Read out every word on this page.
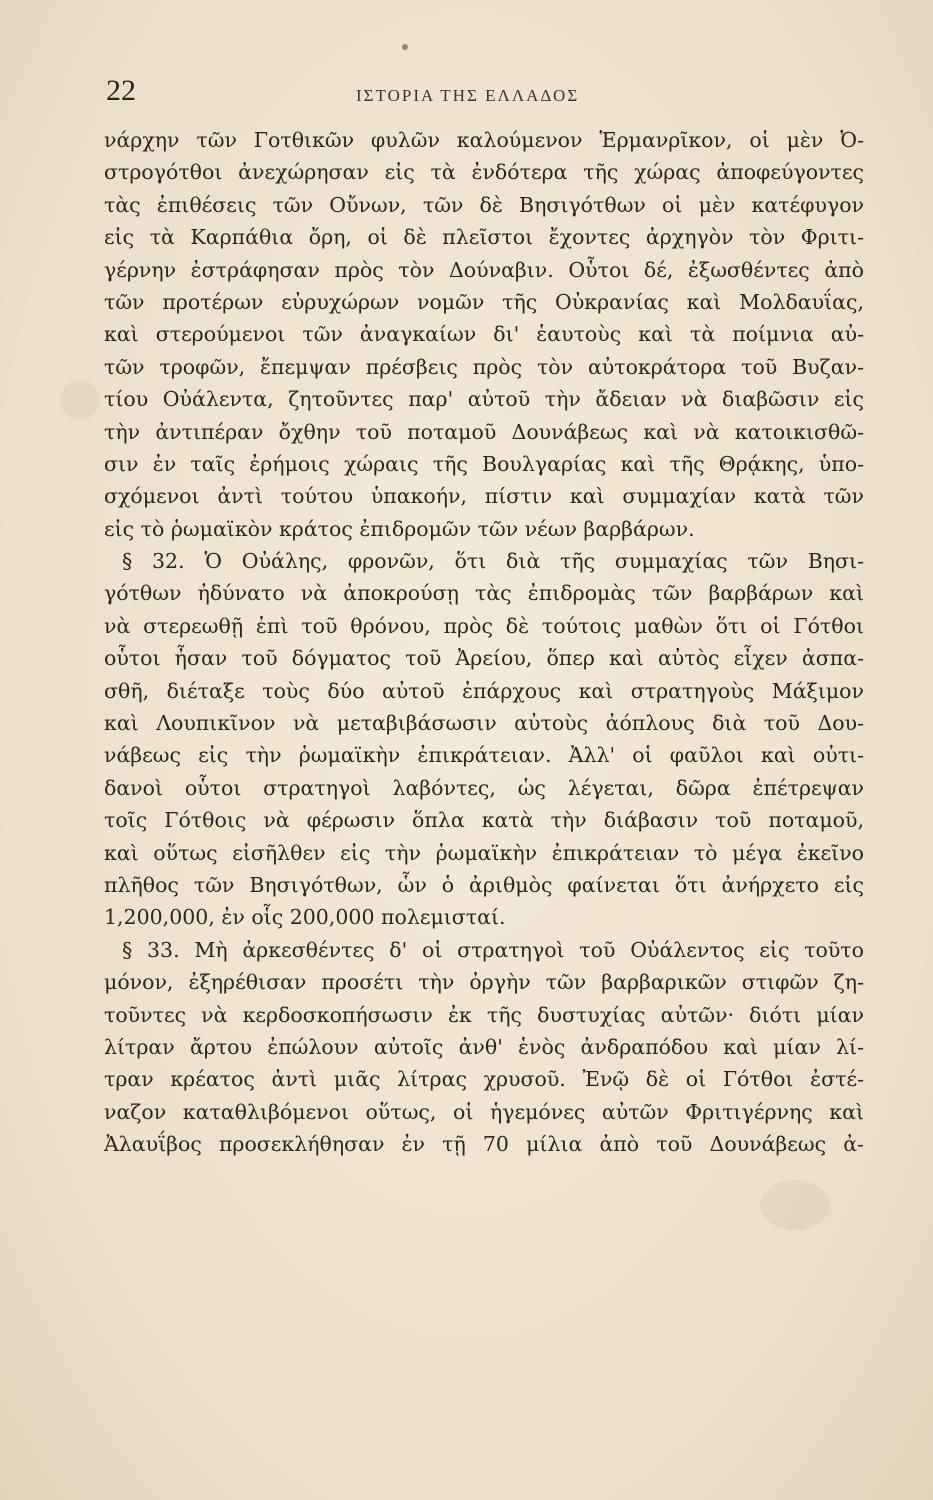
22	ΙΣΤΟΡΙΑ ΤΗΣ ΕΛΛΑΔΟΣ
νάρχην τῶν Γοτθικῶν φυλῶν καλούμενον Ἑρμανρῖκον, οἱ μὲν Ὀ-
στρογότθοι ἀνεχώρησαν εἰς τὰ ἐνδότερα τῆς χώρας ἀποφεύγοντες
τὰς ἐπιθέσεις τῶν Οὔνων, τῶν δὲ Βησιγότθων οἱ μὲν κατέφυγον
εἰς τὰ Καρπάθια ὄρη, οἱ δὲ πλεῖστοι ἔχοντες ἀρχηγὸν τὸν Φριτι-
γέρνην ἐστράφησαν πρὸς τὸν Δούναβιν. Οὗτοι δέ, ἐξωσθέντες ἀπὸ
τῶν προτέρων εὐρυχώρων νομῶν τῆς Οὐκρανίας καὶ Μολδαυΐας,
καὶ στερούμενοι τῶν ἀναγκαίων δι' ἑαυτοὺς καὶ τὰ ποίμνια αὐ-
τῶν τροφῶν, ἔπεμψαν πρέσβεις πρὸς τὸν αὐτοκράτορα τοῦ Βυζαν-
τίου Οὐάλεντα, ζητοῦντες παρ' αὐτοῦ τὴν ἄδειαν νὰ διαβῶσιν εἰς
τὴν ἀντιπέραν ὄχθην τοῦ ποταμοῦ Δουνάβεως καὶ νὰ κατοικισθῶ-
σιν ἐν ταῖς ἐρήμοις χώραις τῆς Βουλγαρίας καὶ τῆς Θρᾴκης, ὑπο-
σχόμενοι ἀντὶ τούτου ὑπακοήν, πίστιν καὶ συμμαχίαν κατὰ τῶν
εἰς τὸ ῥωμαϊκὸν κράτος ἐπιδρομῶν τῶν νέων βαρβάρων.
§ 32. Ὁ Οὐάλης, φρονῶν, ὅτι διὰ τῆς συμμαχίας τῶν Βησι-
γότθων ἠδύνατο νὰ ἀποκρούσῃ τὰς ἐπιδρομὰς τῶν βαρβάρων καὶ
νὰ στερεωθῇ ἐπὶ τοῦ θρόνου, πρὸς δὲ τούτοις μαθὼν ὅτι οἱ Γότθοι
οὗτοι ἦσαν τοῦ δόγματος τοῦ Ἀρείου, ὅπερ καὶ αὐτὸς εἶχεν ἀσπα-
σθῆ, διέταξε τοὺς δύο αὐτοῦ ἐπάρχους καὶ στρατηγοὺς Μάξιμον
καὶ Λουπικῖνον νὰ μεταβιβάσωσιν αὐτοὺς ἀόπλους διὰ τοῦ Δου-
νάβεως εἰς τὴν ῥωμαϊκὴν ἐπικράτειαν. Ἀλλ' οἱ φαῦλοι καὶ οὐτι-
δανοὶ οὗτοι στρατηγοὶ λαβόντες, ὡς λέγεται, δῶρα ἐπέτρεψαν
τοῖς Γότθοις νὰ φέρωσιν ὅπλα κατὰ τὴν διάβασιν τοῦ ποταμοῦ,
καὶ οὕτως εἰσῆλθεν εἰς τὴν ῥωμαϊκὴν ἐπικράτειαν τὸ μέγα ἐκεῖνο
πλῆθος τῶν Βησιγότθων, ὧν ὁ ἀριθμὸς φαίνεται ὅτι ἀνήρχετο εἰς
1,200,000, ἐν οἷς 200,000 πολεμισταί.
§ 33. Μὴ ἀρκεσθέντες δ' οἱ στρατηγοὶ τοῦ Οὐάλεντος εἰς τοῦτο
μόνον, ἐξηρέθισαν προσέτι τὴν ὀργὴν τῶν βαρβαρικῶν στιφῶν ζη-
τοῦντες νὰ κερδοσκοπήσωσιν ἐκ τῆς δυστυχίας αὐτῶν· διότι μίαν
λίτραν ἄρτου ἐπώλουν αὐτοῖς ἀνθ' ἑνὸς ἀνδραπόδου καὶ μίαν λί-
τραν κρέατος ἀντὶ μιᾶς λίτρας χρυσοῦ. Ἐνῷ δὲ οἱ Γότθοι ἐστέ-
ναζον καταθλιβόμενοι οὕτως, οἱ ἡγεμόνες αὐτῶν Φριτιγέρνης καὶ
Ἀλαυΐβος προσεκλήθησαν ἐν τῇ 70 μίλια ἀπὸ τοῦ Δουνάβεως ἀ-
